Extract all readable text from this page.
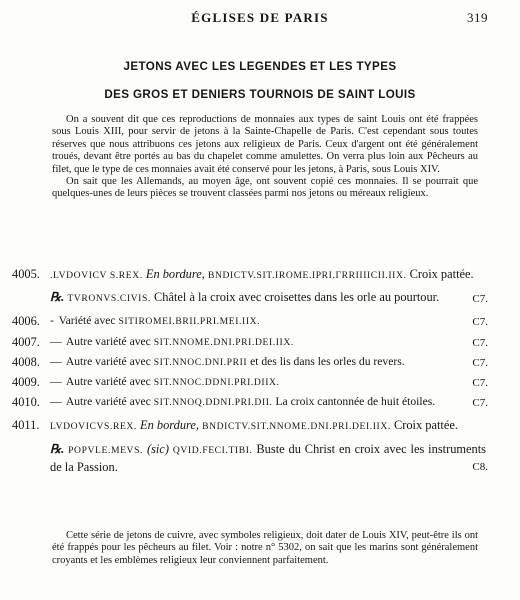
ÉGLISES DE PARIS	319
JETONS AVEC LES LEGENDES ET LES TYPES
DES GROS ET DENIERS TOURNOIS DE SAINT LOUIS

On a souvent dit que ces reproductions de monnaies aux types de saint Louis ont été frappées sous Louis XIII, pour servir de jetons à la Sainte-Chapelle de Paris. C'est cependant sous toutes réserves que nous attribuons ces jetons aux religieux de Paris. Ceux d'argent ont été généralement troués, devant être portés au bas du chapelet comme amulettes. On verra plus loin aux Pêcheurs au filet, que le type de ces monnaies avait été conservé pour les jetons, à Paris, sous Louis XIV.

On sait que les Allemands, au moyen âge, ont souvent copié ces monnaies. Il se pourrait que quelques-unes de leurs pièces se trouvent classées parmi nos jetons ou méreaux religieux.

4005. .LVDOVICV S.REX. En bordure, BNDICTV.SIT.IROME.IPRI.ГRRIIIICII.IIX. Croix pattée.
℞. TVRONVS.CIVIS. Châtel à la croix avec croisettes dans les orle au pourtour.	C7.
4006. - Variété avec SITIROMEI.BRII.PRI.MEI.IIX.	C7.
4007. — Autre variété avec SIT.NNOME.DNI.PRI.DEI.IIX.	C7.
4008. — Autre variété avec SIT.NNOC.DNI.PRII et des lis dans les orles du revers.	C7.
4009. — Autre variété avec SIT.NNOC.DDNI.PRI.DIIX.	C7.
4010. — Autre variété avec SIT.NNOQ.DDNI.PRI.DII. La croix cantonnée de huit étoiles.	C7.
4011. LVDOVICVS.REX. En bordure, BNDICTV.SIT.NNOME.DNI.PRI.DEI.IIX. Croix pattée.
℞. POPVLE.MEVS. (sic) QVID.FECI.TIBI. Buste du Christ en croix avec les instruments de la Passion.	C8.

Cette série de jetons de cuivre, avec symboles religieux, doit dater de Louis XIV, peut-être ils ont été frappés pour les pêcheurs au filet. Voir : notre n° 5302, on sait que les marins sont généralement croyants et les emblèmes religieux leur conviennent parfaitement.
